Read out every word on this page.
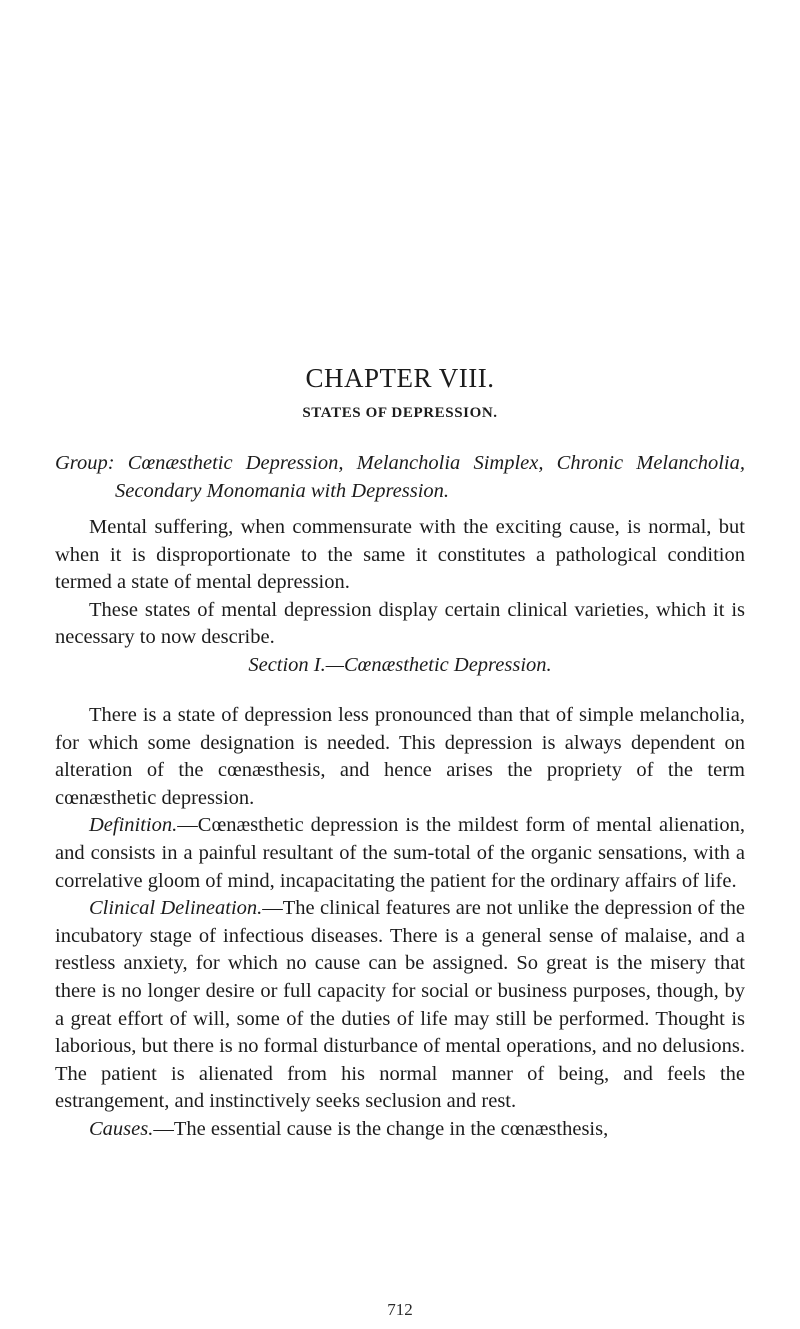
CHAPTER VIII.
STATES OF DEPRESSION.

Group: Cœnæsthetic Depression, Melancholia Simplex, Chronic Melancholia, Secondary Monomania with Depression.

Mental suffering, when commensurate with the exciting cause, is normal, but when it is disproportionate to the same it constitutes a pathological condition termed a state of mental depression.

These states of mental depression display certain clinical varieties, which it is necessary to now describe.

Section I.—Cœnæsthetic Depression.

There is a state of depression less pronounced than that of simple melancholia, for which some designation is needed. This depression is always dependent on alteration of the cœnæsthesis, and hence arises the propriety of the term cœnæsthetic depression.

Definition.—Cœnæsthetic depression is the mildest form of mental alienation, and consists in a painful resultant of the sum-total of the organic sensations, with a correlative gloom of mind, incapacitating the patient for the ordinary affairs of life.

Clinical Delineation.—The clinical features are not unlike the depression of the incubatory stage of infectious diseases. There is a general sense of malaise, and a restless anxiety, for which no cause can be assigned. So great is the misery that there is no longer desire or full capacity for social or business purposes, though, by a great effort of will, some of the duties of life may still be performed. Thought is laborious, but there is no formal disturbance of mental operations, and no delusions. The patient is alienated from his normal manner of being, and feels the estrangement, and instinctively seeks seclusion and rest.

Causes.—The essential cause is the change in the cœnæsthesis,

712
